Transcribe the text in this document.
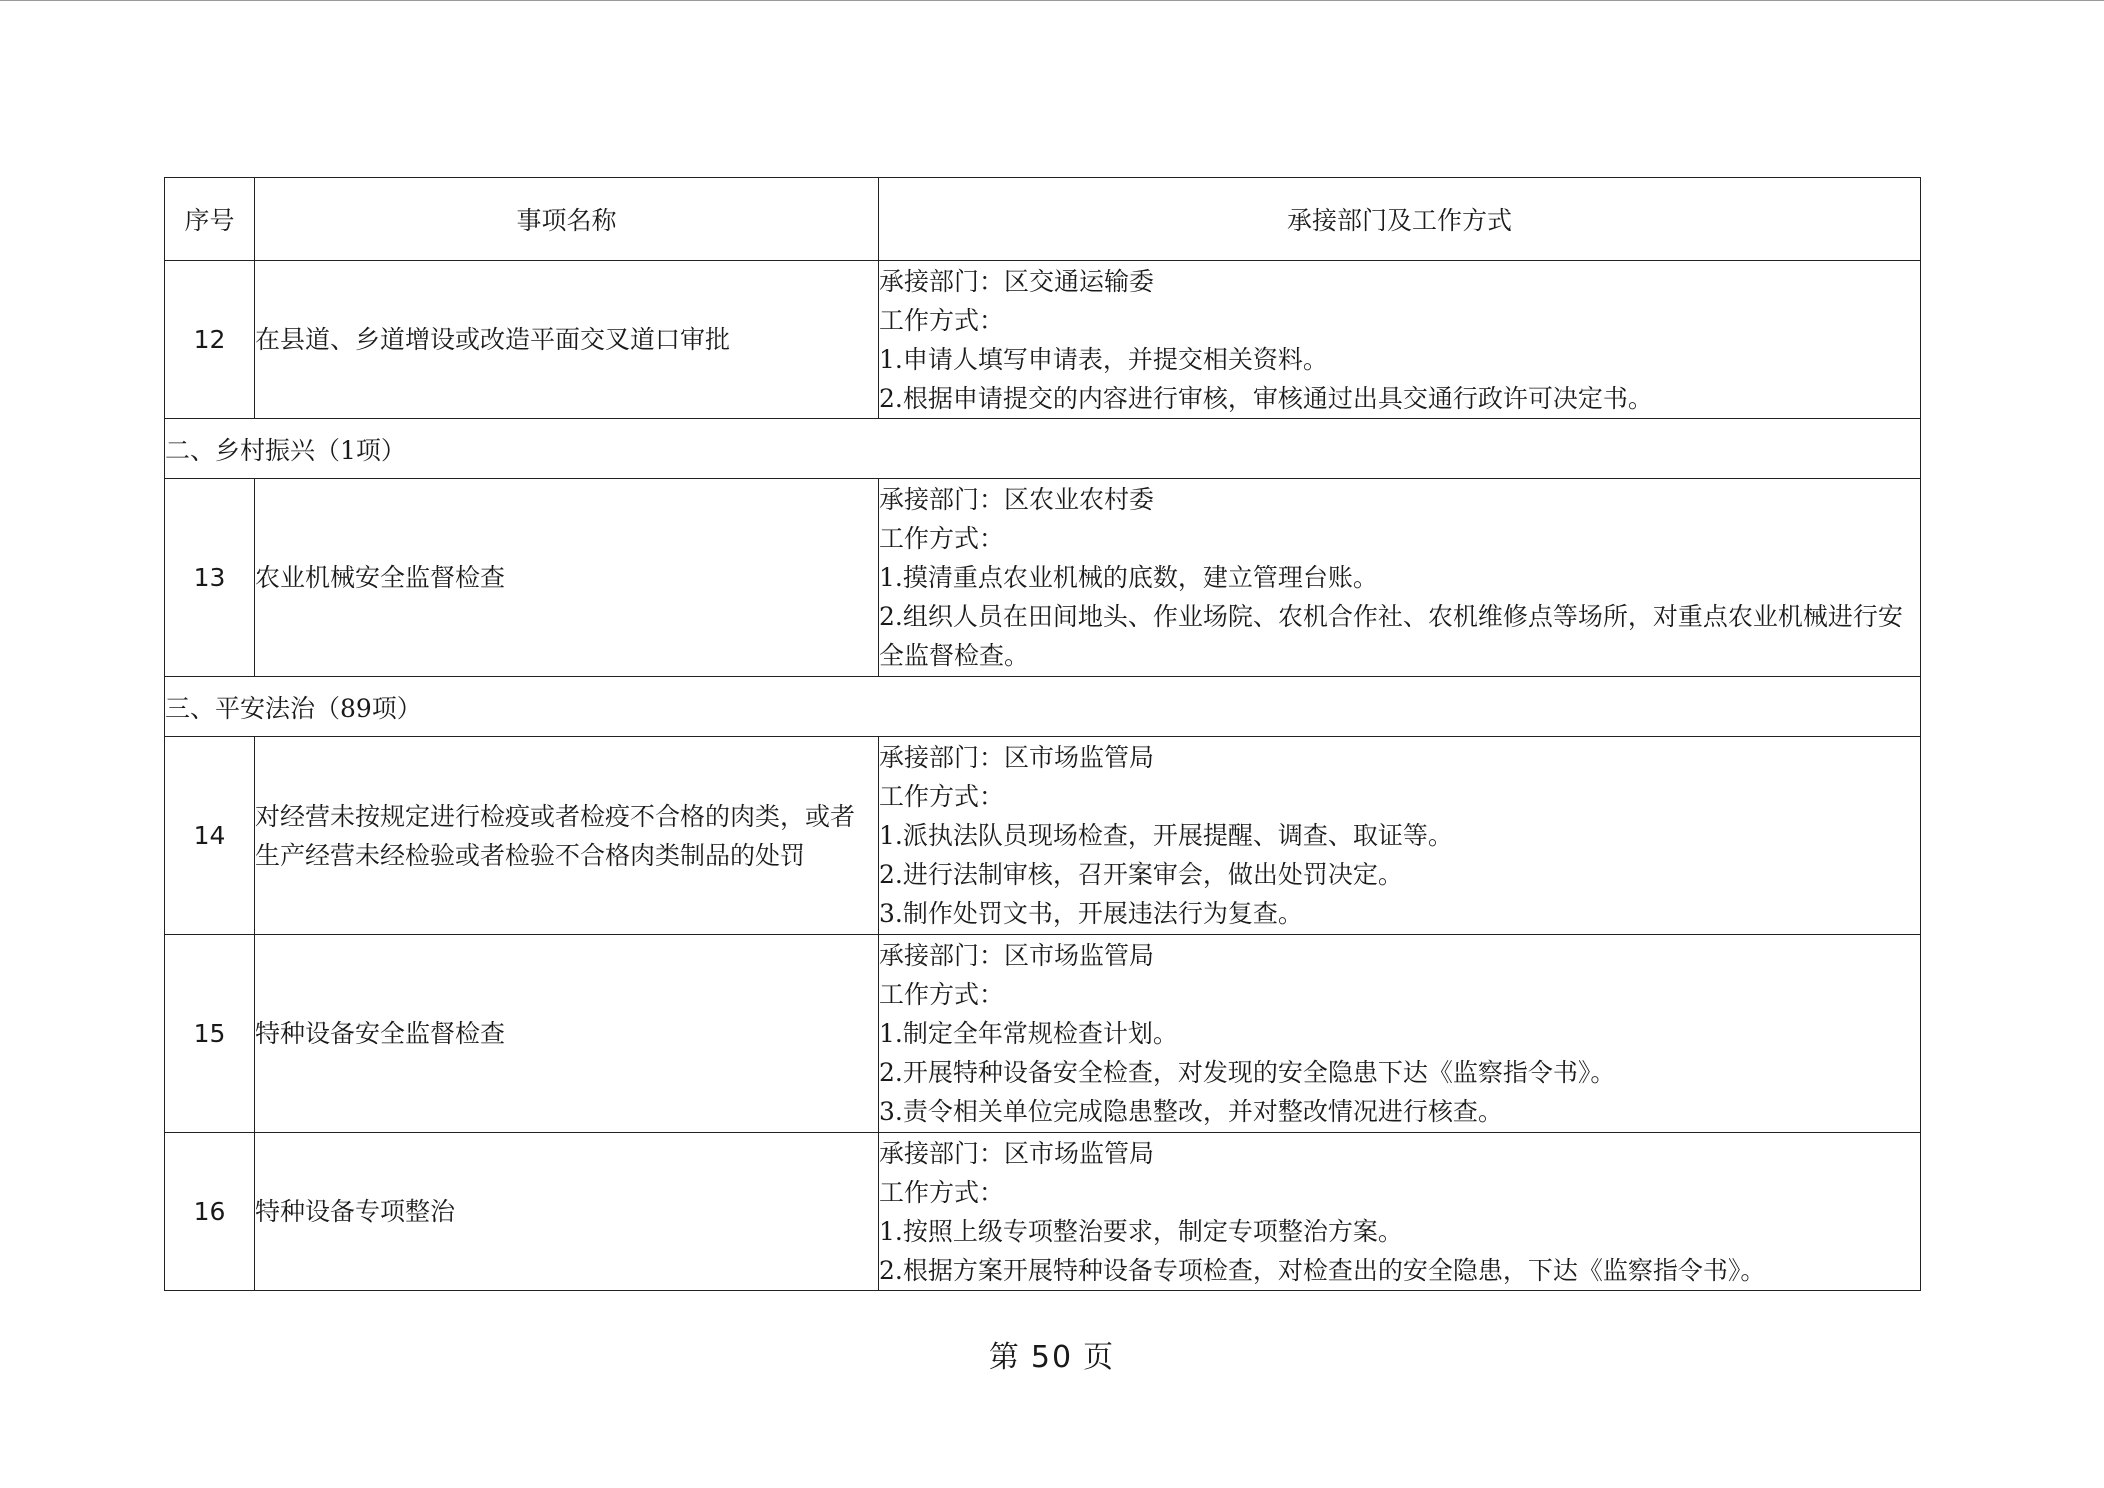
序号	事项名称	承接部门及工作方式
12	在县道、乡道增设或改造平面交叉道口审批	承接部门：区交通运输委
工作方式：
1.申请人填写申请表，并提交相关资料。
2.根据申请提交的内容进行审核，审核通过出具交通行政许可决定书。

二、乡村振兴（1项）		
13	农业机械安全监督检查	承接部门：区农业农村委
工作方式：
1.摸清重点农业机械的底数，建立管理台账。
2.组织人员在田间地头、作业场院、农机合作社、农机维修点等场所，对重点农业机械进行安全监督检查。

三、平安法治（89项）		
14	对经营未按规定进行检疫或者检疫不合格的肉类，或者生产经营未经检验或者检验不合格肉类制品的处罚	承接部门：区市场监管局
工作方式：
1.派执法队员现场检查，开展提醒、调查、取证等。
2.进行法制审核，召开案审会，做出处罚决定。
3.制作处罚文书，开展违法行为复查。

15	特种设备安全监督检查	承接部门：区市场监管局
工作方式：
1.制定全年常规检查计划。
2.开展特种设备安全检查，对发现的安全隐患下达《监察指令书》。
3.责令相关单位完成隐患整改，并对整改情况进行核查。

16	特种设备专项整治	承接部门：区市场监管局
工作方式：
1.按照上级专项整治要求，制定专项整治方案。
2.根据方案开展特种设备专项检查，对检查出的安全隐患，下达《监察指令书》。
第 50 页
